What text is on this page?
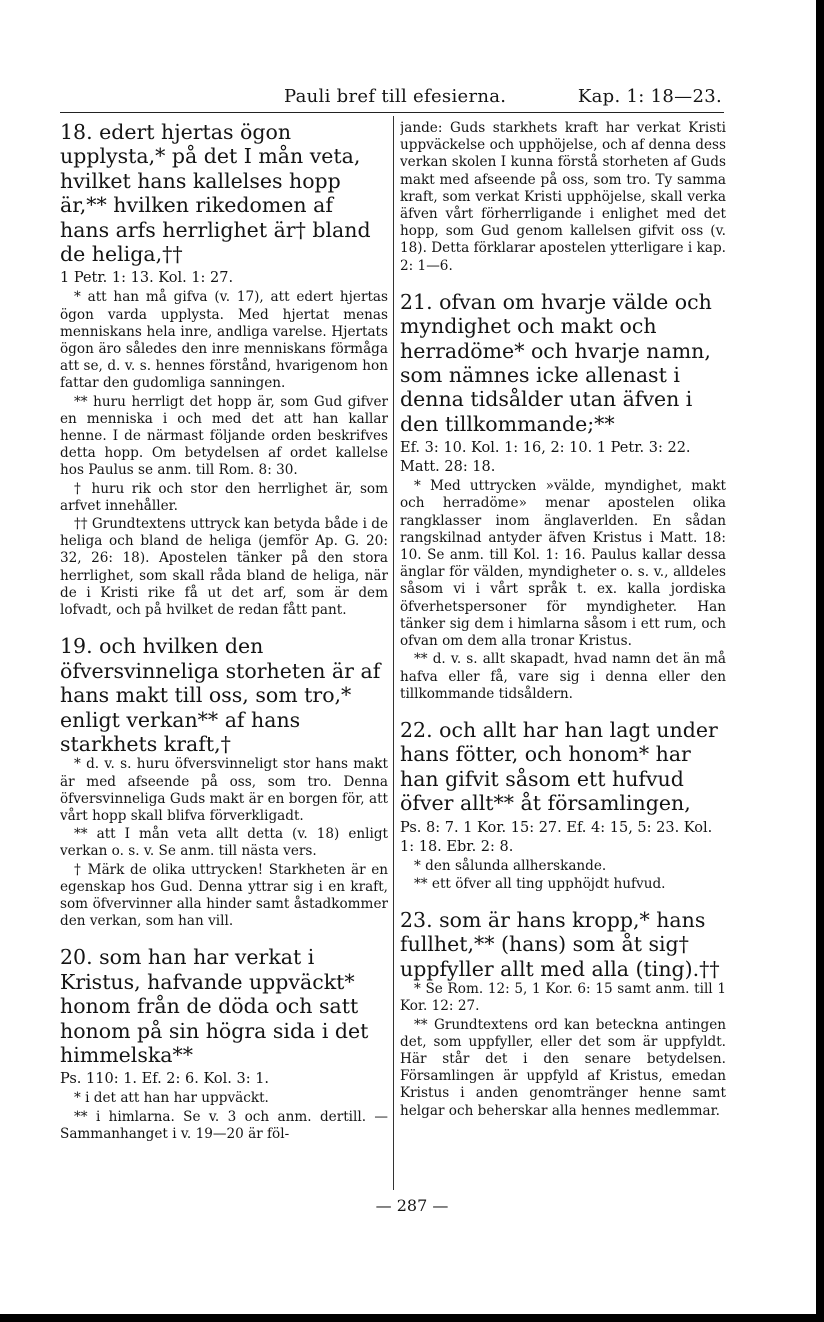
Pauli bref till efesierna.	Kap. 1: 18—23.

18. edert hjertas ögon upplysta,* på det I mån veta, hvilket hans kallelses hopp är,** hvilken rikedomen af hans arfs herrlighet är† bland de heliga,††

1 Petr. 1: 13. Kol. 1: 27.

* att han må gifva (v. 17), att edert hjertas ögon varda upplysta. Med hjertat menas menniskans hela inre, andliga varelse. Hjertats ögon äro således den inre menniskans förmåga att se, d. v. s. hennes förstånd, hvarigenom hon fattar den gudomliga sanningen.

** huru herrligt det hopp är, som Gud gifver en menniska i och med det att han kallar henne. I de närmast följande orden beskrifves detta hopp. Om betydelsen af ordet kallelse hos Paulus se anm. till Rom. 8: 30.

† huru rik och stor den herrlighet är, som arfvet innehåller.

†† Grundtextens uttryck kan betyda både i de heliga och bland de heliga (jemför Ap. G. 20: 32, 26: 18). Apostelen tänker på den stora herrlighet, som skall råda bland de heliga, när de i Kristi rike få ut det arf, som är dem lofvadt, och på hvilket de redan fått pant.

19. och hvilken den öfversvinneliga storheten är af hans makt till oss, som tro,* enligt verkan** af hans starkhets kraft,†

* d. v. s. huru öfversvinneligt stor hans makt är med afseende på oss, som tro. Denna öfversvinneliga Guds makt är en borgen för, att vårt hopp skall blifva förverkligadt.

** att I mån veta allt detta (v. 18) enligt verkan o. s. v. Se anm. till nästa vers.

† Märk de olika uttrycken! Starkheten är en egenskap hos Gud. Denna yttrar sig i en kraft, som öfvervinner alla hinder samt åstadkommer den verkan, som han vill.

20. som han har verkat i Kristus, hafvande uppväckt* honom från de döda och satt honom på sin högra sida i det himmelska**

Ps. 110: 1. Ef. 2: 6. Kol. 3: 1.

* i det att han har uppväckt.

** i himlarna. Se v. 3 och anm. dertill. — Sammanhanget i v. 19—20 är föl-

jande: Guds starkhets kraft har verkat Kristi uppväckelse och upphöjelse, och af denna dess verkan skolen I kunna förstå storheten af Guds makt med afseende på oss, som tro. Ty samma kraft, som verkat Kristi upphöjelse, skall verka äfven vårt förherrligande i enlighet med det hopp, som Gud genom kallelsen gifvit oss (v. 18). Detta förklarar apostelen ytterligare i kap. 2: 1—6.

21. ofvan om hvarje välde och myndighet och makt och herradöme* och hvarje namn, som nämnes icke allenast i denna tidsålder utan äfven i den tillkommande;**

Ef. 3: 10. Kol. 1: 16, 2: 10. 1 Petr. 3: 22. Matt. 28: 18.

* Med uttrycken »välde, myndighet, makt och herradöme» menar apostelen olika rangklasser inom änglaverlden. En sådan rangskilnad antyder äfven Kristus i Matt. 18: 10. Se anm. till Kol. 1: 16. Paulus kallar dessa änglar för välden, myndigheter o. s. v., alldeles såsom vi i vårt språk t. ex. kalla jordiska öfverhetspersoner för myndigheter. Han tänker sig dem i himlarna såsom i ett rum, och ofvan om dem alla tronar Kristus.

** d. v. s. allt skapadt, hvad namn det än må hafva eller få, vare sig i denna eller den tillkommande tidsåldern.

22. och allt har han lagt under hans fötter, och honom* har han gifvit såsom ett hufvud öfver allt** åt församlingen,

Ps. 8: 7. 1 Kor. 15: 27. Ef. 4: 15, 5: 23. Kol. 1: 18. Ebr. 2: 8.

* den sålunda allherskande.

** ett öfver all ting upphöjdt hufvud.

23. som är hans kropp,* hans fullhet,** (hans) som åt sig† uppfyller allt med alla (ting).††

* Se Rom. 12: 5, 1 Kor. 6: 15 samt anm. till 1 Kor. 12: 27.

** Grundtextens ord kan betecknа antingen det, som uppfyller, eller det som är uppfyldt. Här står det i den senare betydelsen. Församlingen är uppfyld af Kristus, emedan Kristus i anden genomtränger henne samt helgar och beherskar alla hennes medlemmar.

— 287 —
